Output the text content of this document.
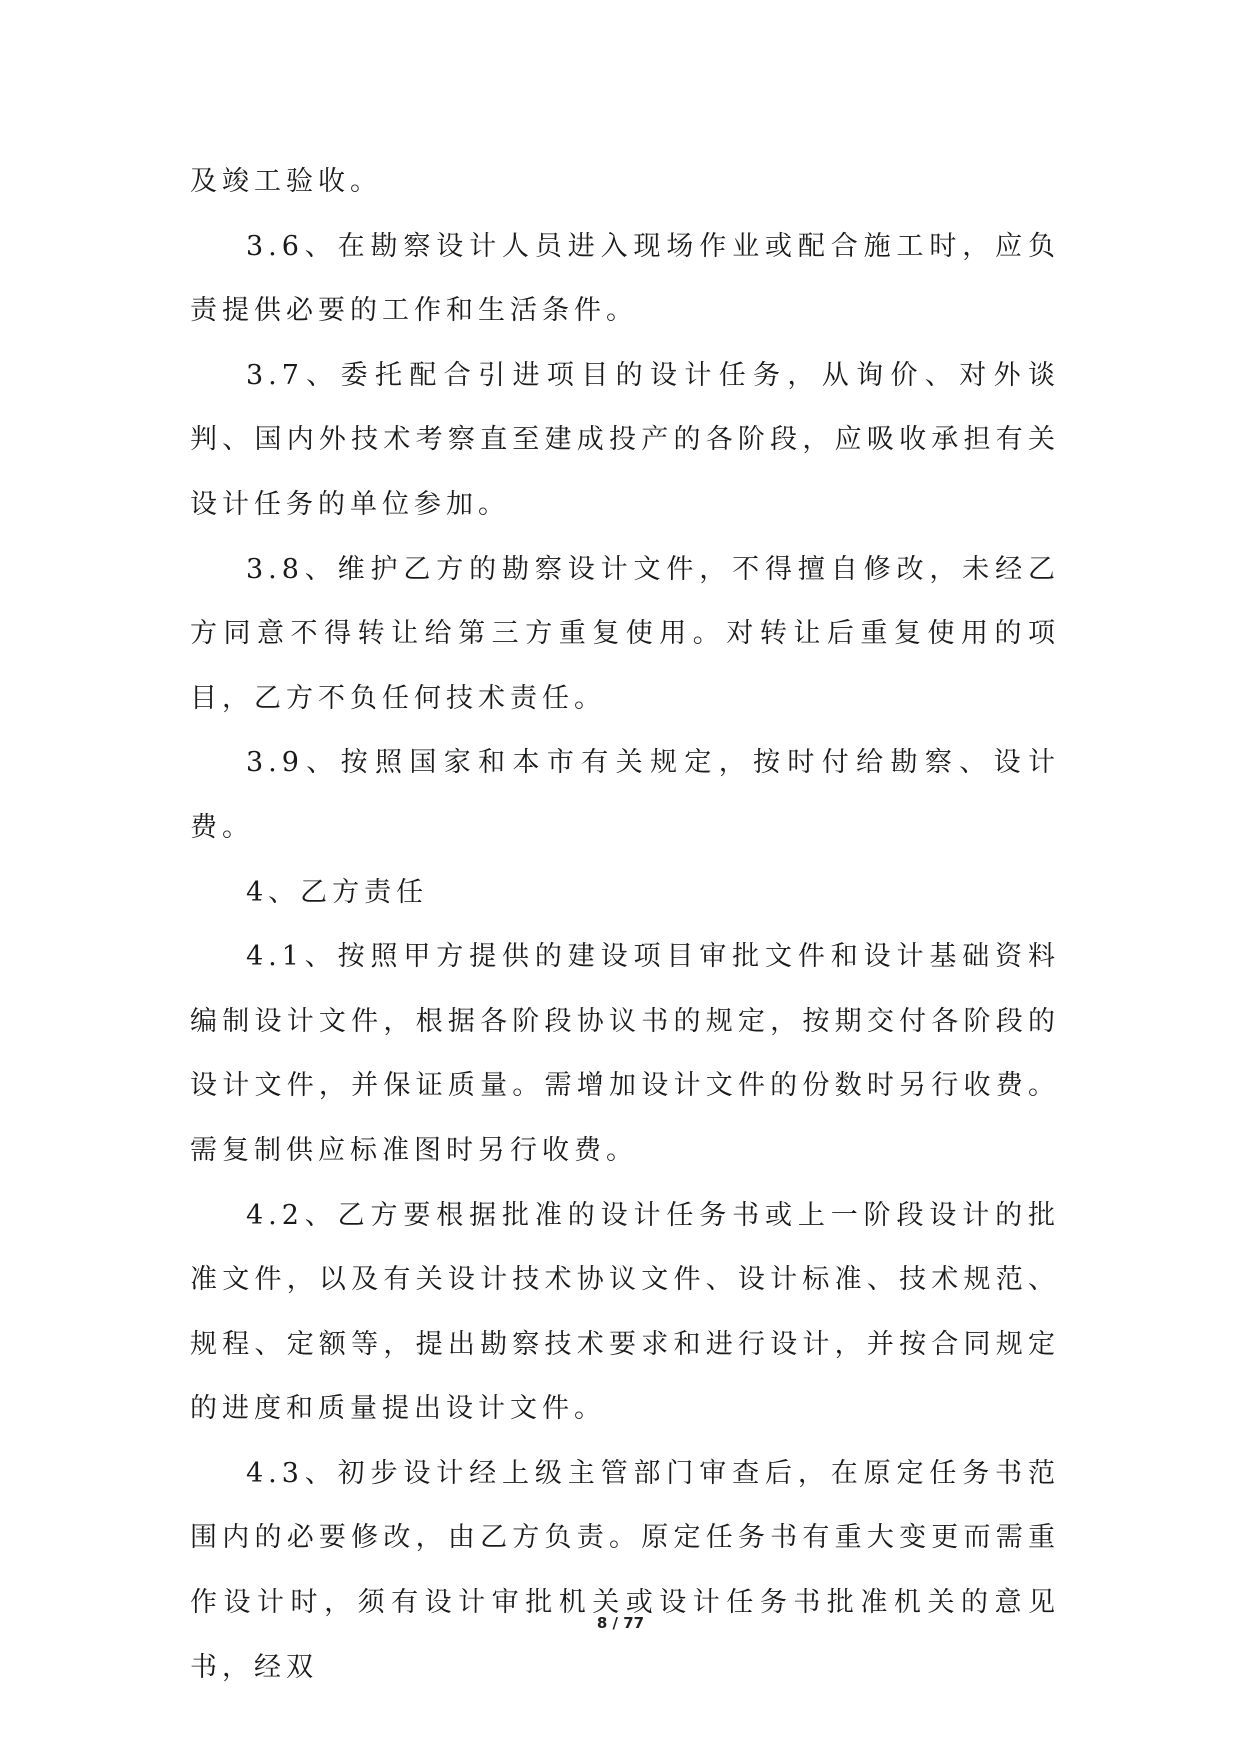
及竣工验收。

3.6、在勘察设计人员进入现场作业或配合施工时，应负责提供必要的工作和生活条件。

3.7、委托配合引进项目的设计任务，从询价、对外谈判、国内外技术考察直至建成投产的各阶段，应吸收承担有关设计任务的单位参加。

3.8、维护乙方的勘察设计文件，不得擅自修改，未经乙方同意不得转让给第三方重复使用。对转让后重复使用的项目，乙方不负任何技术责任。

3.9、按照国家和本市有关规定，按时付给勘察、设计费。

4、乙方责任

4.1、按照甲方提供的建设项目审批文件和设计基础资料编制设计文件，根据各阶段协议书的规定，按期交付各阶段的设计文件，并保证质量。需增加设计文件的份数时另行收费。需复制供应标准图时另行收费。

4.2、乙方要根据批准的设计任务书或上一阶段设计的批准文件，以及有关设计技术协议文件、设计标准、技术规范、规程、定额等，提出勘察技术要求和进行设计，并按合同规定的进度和质量提出设计文件。

4.3、初步设计经上级主管部门审查后，在原定任务书范围内的必要修改，由乙方负责。原定任务书有重大变更而需重作设计时，须有设计审批机关或设计任务书批准机关的意见书，经双

8 / 77
